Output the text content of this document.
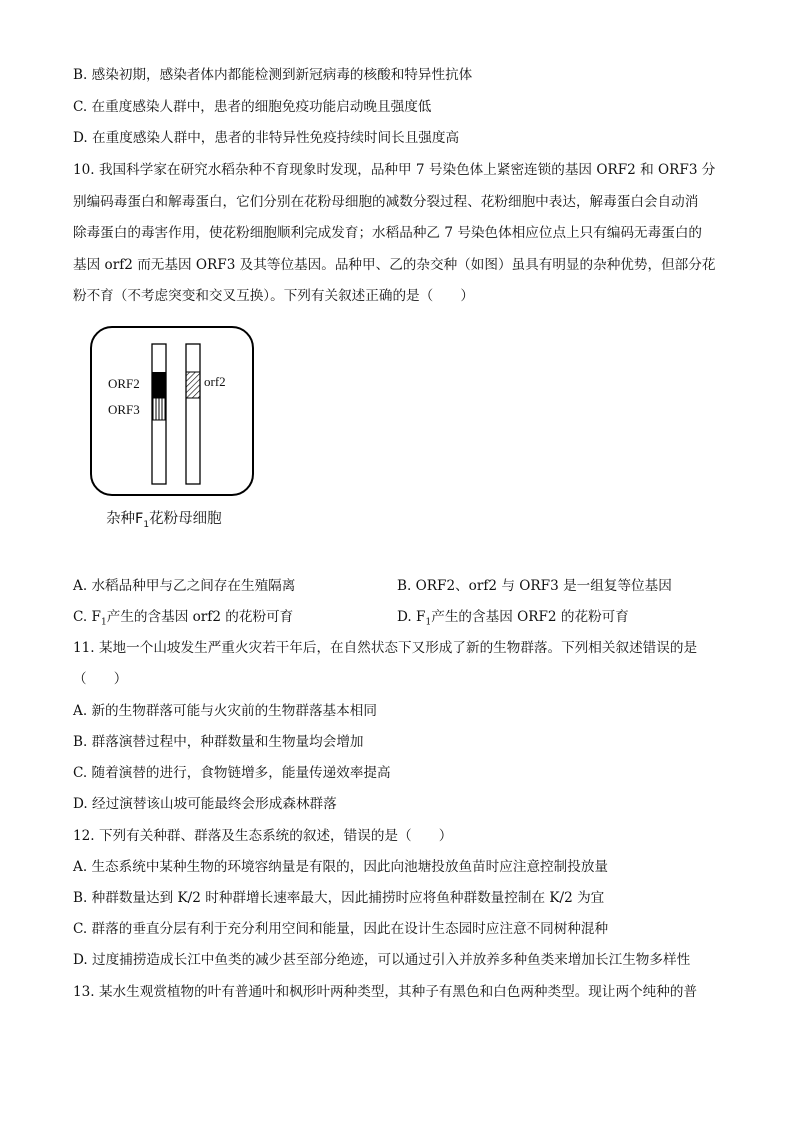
B. 感染初期，感染者体内都能检测到新冠病毒的核酸和特异性抗体
C. 在重度感染人群中，患者的细胞免疫功能启动晚且强度低
D. 在重度感染人群中，患者的非特异性免疫持续时间长且强度高
10. 我国科学家在研究水稻杂种不育现象时发现，品种甲 7 号染色体上紧密连锁的基因 ORF2 和 ORF3 分
别编码毒蛋白和解毒蛋白，它们分别在花粉母细胞的减数分裂过程、花粉细胞中表达，解毒蛋白会自动消
除毒蛋白的毒害作用，使花粉细胞顺利完成发育；水稻品种乙 7 号染色体相应位点上只有编码无毒蛋白的
基因 orf2 而无基因 ORF3 及其等位基因。品种甲、乙的杂交种（如图）虽具有明显的杂种优势，但部分花
粉不育（不考虑突变和交叉互换）。下列有关叙述正确的是（　　）
ORF2
ORF3
orf2
杂种$F_1$花粉母细胞
A. 水稻品种甲与乙之间存在生殖隔离	B. ORF2、orf2 与 ORF3 是一组复等位基因
C. $F_1$产生的含基因 orf2 的花粉可育	D. $F_1$产生的含基因 ORF2 的花粉可育
11. 某地一个山坡发生严重火灾若干年后，在自然状态下又形成了新的生物群落。下列相关叙述错误的是
（　　）
A. 新的生物群落可能与火灾前的生物群落基本相同
B. 群落演替过程中，种群数量和生物量均会增加
C. 随着演替的进行，食物链增多，能量传递效率提高
D. 经过演替该山坡可能最终会形成森林群落
12. 下列有关种群、群落及生态系统的叙述，错误的是（　　）
A. 生态系统中某种生物的环境容纳量是有限的，因此向池塘投放鱼苗时应注意控制投放量
B. 种群数量达到 K/2 时种群增长速率最大，因此捕捞时应将鱼种群数量控制在 K/2 为宜
C. 群落的垂直分层有利于充分利用空间和能量，因此在设计生态园时应注意不同树种混种
D. 过度捕捞造成长江中鱼类的减少甚至部分绝迹，可以通过引入并放养多种鱼类来增加长江生物多样性
13. 某水生观赏植物的叶有普通叶和枫形叶两种类型，其种子有黑色和白色两种类型。现让两个纯种的普
